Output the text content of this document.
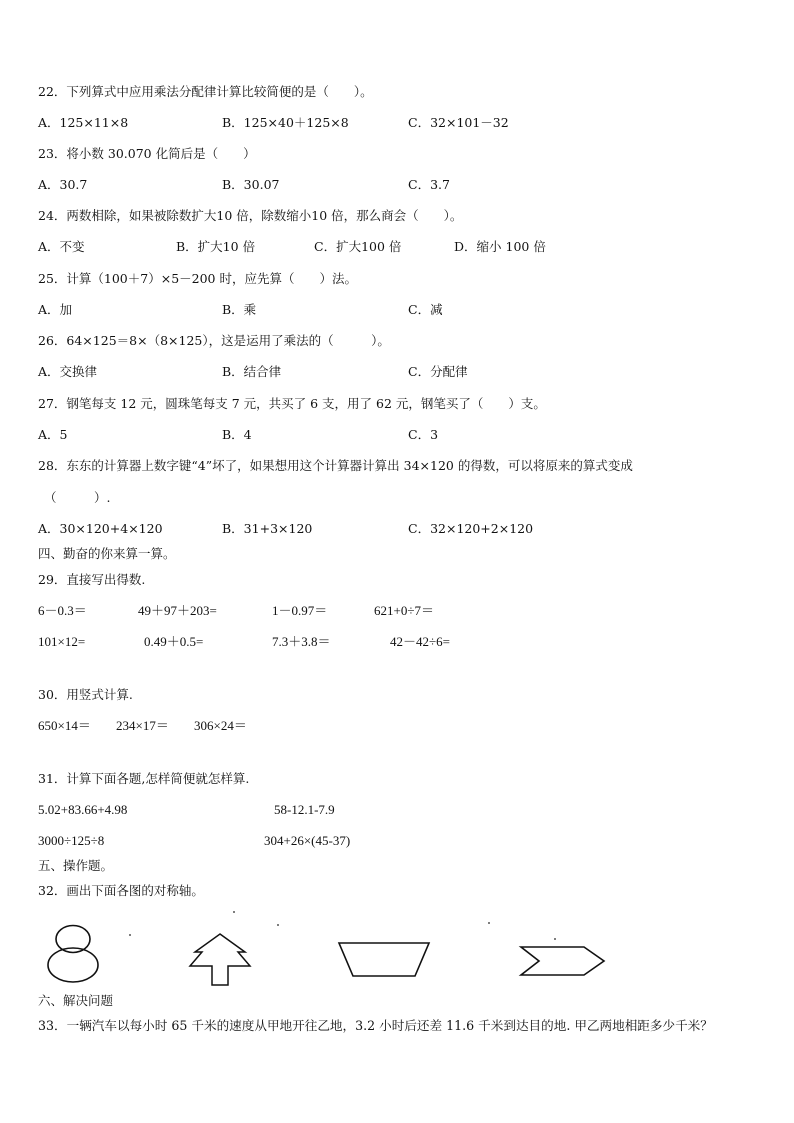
22．下列算式中应用乘法分配律计算比较简便的是（　　）。
A．125×11×8	B．125×40＋125×8	C．32×101－32
23．将小数 30.070 化简后是（　　）
A．30.7	B．30.07	C．3.7
24．两数相除，如果被除数扩大10 倍，除数缩小10 倍，那么商会（　　）。
A．不变	B．扩大10 倍	C．扩大100 倍	D．缩小 100 倍
25．计算（100＋7）×5－200 时，应先算（　　）法。
A．加	B．乘	C．减
26．64×125＝8×（8×125），这是运用了乘法的（　　　）。
A．交换律	B．结合律	C．分配律
27．钢笔每支 12 元，圆珠笔每支 7 元，共买了 6 支，用了 62 元，钢笔买了（　　）支。
A．5	B．4	C．3
28．东东的计算器上数字键“4”坏了，如果想用这个计算器计算出 34×120 的得数，可以将原来的算式变成
（　　　）.
A．30×120+4×120	B．31+3×120	C．32×120+2×120
四、勤奋的你来算一算。
29．直接写出得数.
6－0.3＝	49＋97＋203=	1－0.97＝	621+0÷7＝
101×12=	0.49＋0.5=	7.3＋3.8＝	42－42÷6=
30．用竖式计算.
650×14＝ 234×17＝ 306×24＝
31．计算下面各题,怎样简便就怎样算.
5.02+83.66+4.98	58-12.1-7.9
3000÷125÷8	304+26×(45-37)
五、操作题。
32．画出下面各图的对称轴。
六、解决问题
33．一辆汽车以每小时 65 千米的速度从甲地开往乙地，3.2 小时后还差 11.6 千米到达目的地. 甲乙两地相距多少千米？
